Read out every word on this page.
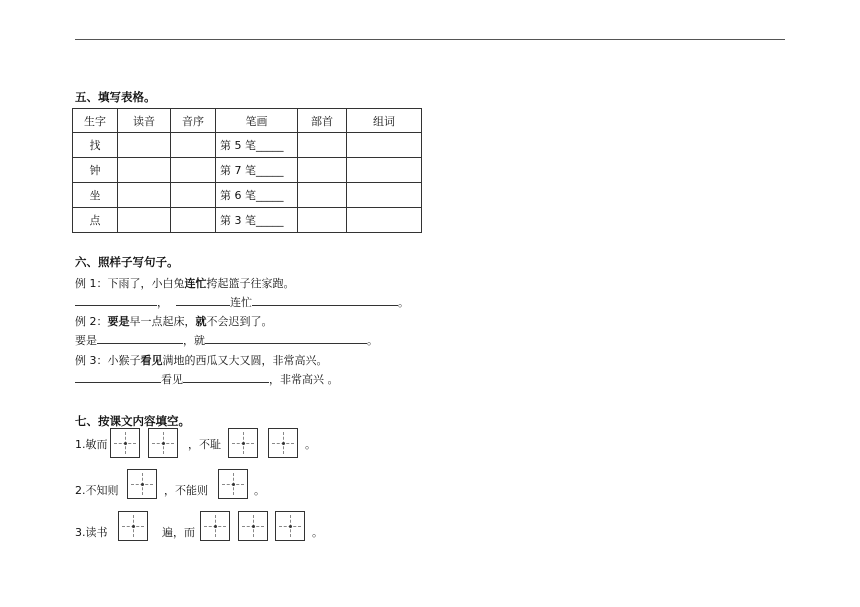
五、填写表格。
生字	读音	音序	笔画	部首	组词
找			第 5 笔_____		
钟			第 7 笔_____		
坐			第 6 笔_____		
点			第 3 笔_____		
六、照样子写句子。
例 1：下雨了，小白兔连忙挎起篮子往家跑。
，	连忙	。
例 2：要是早一点起床，就不会迟到了。
要是	，就	。
例 3：小猴子看见满地的西瓜又大又圆，非常高兴。
看见	，非常高兴 。
七、按课文内容填空。
1.敏而	，不耻	。
2.不知则	，不能则	。
3.读书	遍，而	。
